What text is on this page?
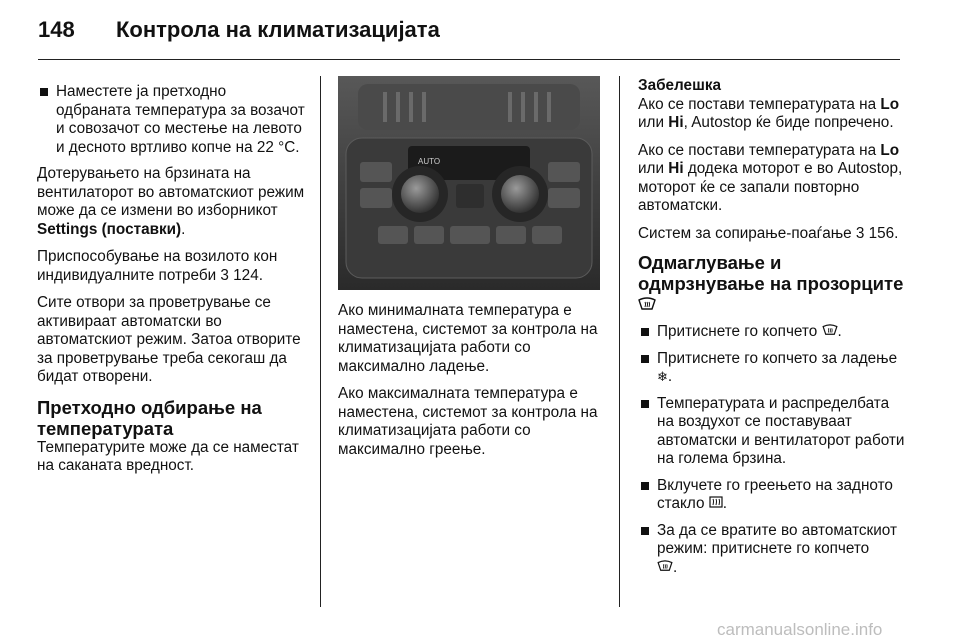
148 Контрола на климатизацијата
Наместете ја претходно одбраната температура за возачот и совозачот со местење на левото и десното вртливо копче на 22 °C.

Дотерувањето на брзината на вентилаторот во автоматскиот режим може да се измени во изборникот Settings (поставки).

Приспособување на возилото кон индивидуалните потреби 3 124.

Сите отвори за проветрување се активираат автоматски во автоматскиот режим. Затоа отворите за проветрување треба секогаш да бидат отворени.

Претходно одбирање на температурата

Температурите може да се наместат на саканата вредност.

AUTO

Ако минималната температура е наместена, системот за контрола на климатизацијата работи со максимално ладење.

Ако максималната температура е наместена, системот за контрола на климатизацијата работи со максимално греење.

Забелешка

Ако се постави температурата на Lo или Hi, Autostop ќе биде попречено.

Ако се постави температурата на Lo или Hi додека моторот е во Autostop, моторот ќе се запали повторно автоматски.

Систем за сопирање-поаѓање 3 156.

Одмаглување и одмрзнување на прозорците
Притиснете го копчето .
Притиснете го копчето за ладење ❄.
Температурата и распределбата на воздухот се поставуваат автоматски и вентилаторот работи на голема брзина.
Вклучете го греењето на задното стакло .
За да се вратите во автоматскиот режим: притиснете го копчето
.
carmanualsonline.info
